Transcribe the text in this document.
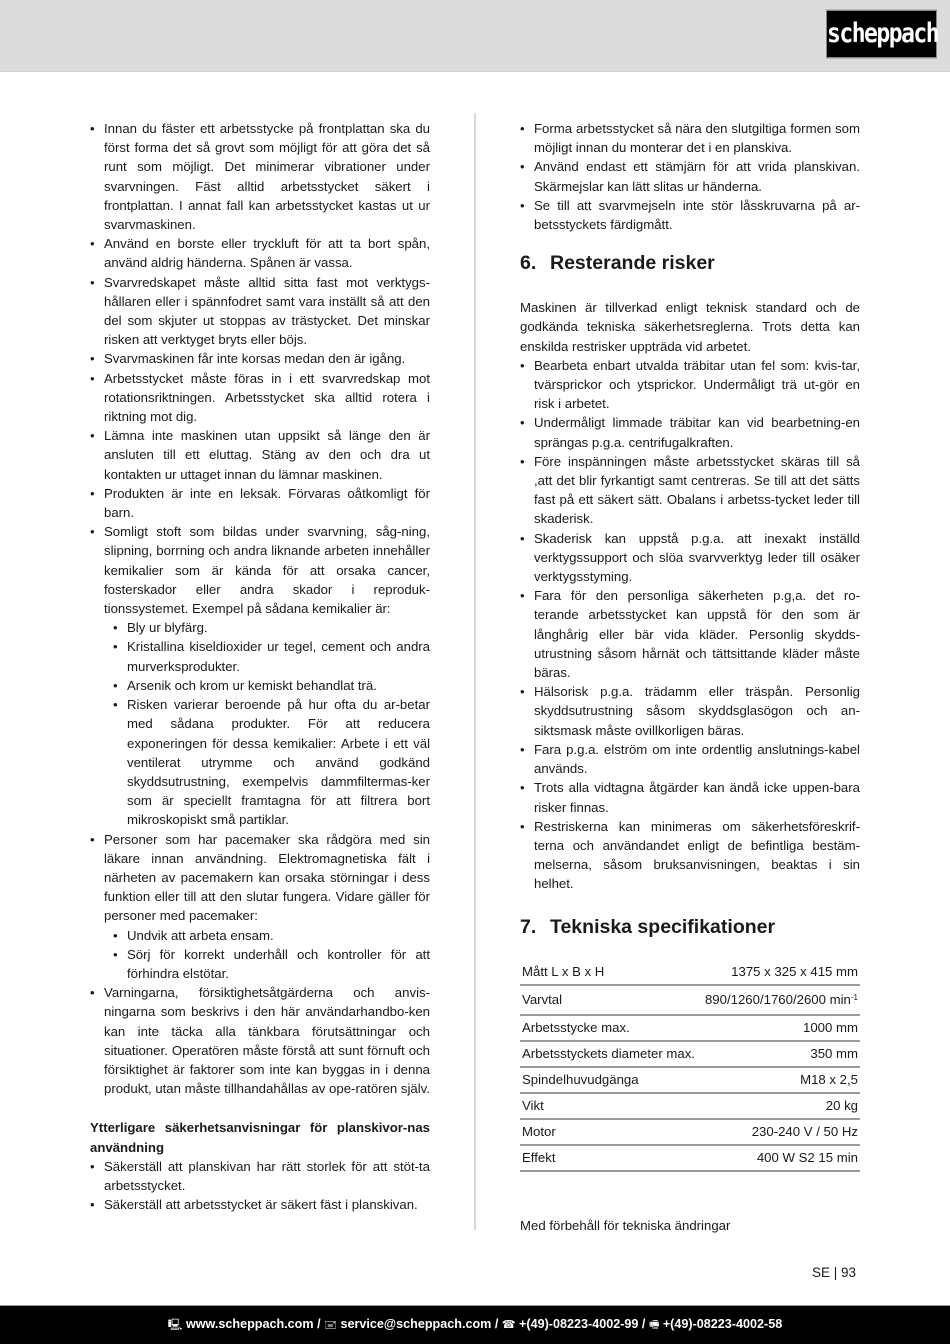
scheppach
• Innan du fäster ett arbetsstycke på frontplattan ska du först forma det så grovt som möjligt för att göra det så runt som möjligt. Det minimerar vibrationer under svarvningen. Fäst alltid arbetsstycket säkert i frontplattan. I annat fall kan arbetsstycket kastas ut ur svarvmaskinen.
• Använd en borste eller tryckluft för att ta bort spån, använd aldrig händerna. Spånen är vassa.
• Svarvredskapet måste alltid sitta fast mot verktygs-hållaren eller i spännfodret samt vara inställt så att den del som skjuter ut stoppas av trästycket. Det minskar risken att verktyget bryts eller böjs.
• Svarvmaskinen får inte korsas medan den är igång.
• Arbetsstycket måste föras in i ett svarvredskap mot rotationsriktningen. Arbetsstycket ska alltid rotera i riktning mot dig.
• Lämna inte maskinen utan uppsikt så länge den är ansluten till ett eluttag. Stäng av den och dra ut kontakten ur uttaget innan du lämnar maskinen.
• Produkten är inte en leksak. Förvaras oåtkomligt för barn.
• Somligt stoft som bildas under svarvning, såg-ning, slipning, borrning och andra liknande arbeten innehåller kemikalier som är kända för att orsaka cancer, fosterskador eller andra skador i reproduk-tionssystemet. Exempel på sådana kemikalier är:
• Bly ur blyfärg.
• Kristallina kiseldioxider ur tegel, cement och andra murverksprodukter.
• Arsenik och krom ur kemiskt behandlat trä.
• Risken varierar beroende på hur ofta du ar-betar med sådana produkter. För att reducera exponeringen för dessa kemikalier: Arbete i ett väl ventilerat utrymme och använd godkänd skyddsutrustning, exempelvis dammfiltermas-ker som är speciellt framtagna för att filtrera bort mikroskopiskt små partiklar.
• Personer som har pacemaker ska rådgöra med sin läkare innan användning. Elektromagnetiska fält i närheten av pacemakern kan orsaka störningar i dess funktion eller till att den slutar fungera. Vidare gäller för personer med pacemaker:
• Undvik att arbeta ensam.
• Sörj för korrekt underhåll och kontroller för att förhindra elstötar.
• Varningarna, försiktighetsåtgärderna och anvis-ningarna som beskrivs i den här användarhandbo-ken kan inte täcka alla tänkbara förutsättningar och situationer. Operatören måste förstå att sunt förnuft och försiktighet är faktorer som inte kan byggas in i denna produkt, utan måste tillhandahållas av ope-ratören själv.
Ytterligare säkerhetsanvisningar för planskivor-nas användning
• Säkerställ att planskivan har rätt storlek för att stöt-ta arbetsstycket.
• Säkerställ att arbetsstycket är säkert fäst i planskivan.
• Forma arbetsstycket så nära den slutgiltiga formen som möjligt innan du monterar det i en planskiva.
• Använd endast ett stämjärn för att vrida planskivan. Skärmejslar kan lätt slitas ur händerna.
• Se till att svarvmejseln inte stör låsskruvarna på ar-betsstyckets färdigmått.
6. Resterande risker

Maskinen är tillverkad enligt teknisk standard och de godkända tekniska säkerhetsreglerna. Trots detta kan enskilda restrisker uppträda vid arbetet.

• Bearbeta enbart utvalda träbitar utan fel som: kvis-tar, tvärsprickor och ytsprickor. Undermåligt trä ut-gör en risk i arbetet.
• Undermåligt limmade träbitar kan vid bearbetning-en sprängas p.g.a. centrifugalkraften.
• Före inspänningen måste arbetsstycket skäras till så ,att det blir fyrkantigt samt centreras. Se till att det sätts fast på ett säkert sätt. Obalans i arbetss-tycket leder till skaderisk.
• Skaderisk kan uppstå p.g.a. att inexakt inställd verktygssupport och slöa svarvverktyg leder till osäker verktygsstyming.
• Fara för den personliga säkerheten p.g,a. det ro-terande arbetsstycket kan uppstå för den som är långhårig eller bär vida kläder. Personlig skydds-utrustning såsom hårnät och tättsittande kläder måste bäras.
• Hälsorisk p.g.a. trädamm eller träspån. Personlig skyddsutrustning såsom skyddsglasögon och an-siktsmask måste ovillkorligen bäras.
• Fara p.g.a. elström om inte ordentlig anslutnings-kabel används.
• Trots alla vidtagna åtgärder kan ändå icke uppen-bara risker finnas.
• Restriskerna kan minimeras om säkerhetsföreskrif-terna och användandet enligt de befintliga bestäm-melserna, såsom bruksanvisningen, beaktas i sin helhet.
7. Tekniska specifikationer
Mått L x B x H	1375 x 325 x 415 mm
Varvtal	890/1260/1760/2600 $\min^{-1}$
Arbetsstycke max.	1000 mm
Arbetsstyckets diameter max.	350 mm
Spindelhuvudgänga	M18 x 2,5
Vikt	20 kg
Motor	230-240 V / 50 Hz
Effekt	400 W S2 15 min

Med förbehåll för tekniska ändringar

SE | 93
🖳 www.scheppach.com / 🖃 service@scheppach.com / ☎ +(49)-08223-4002-99 / 🖷 +(49)-08223-4002-58
